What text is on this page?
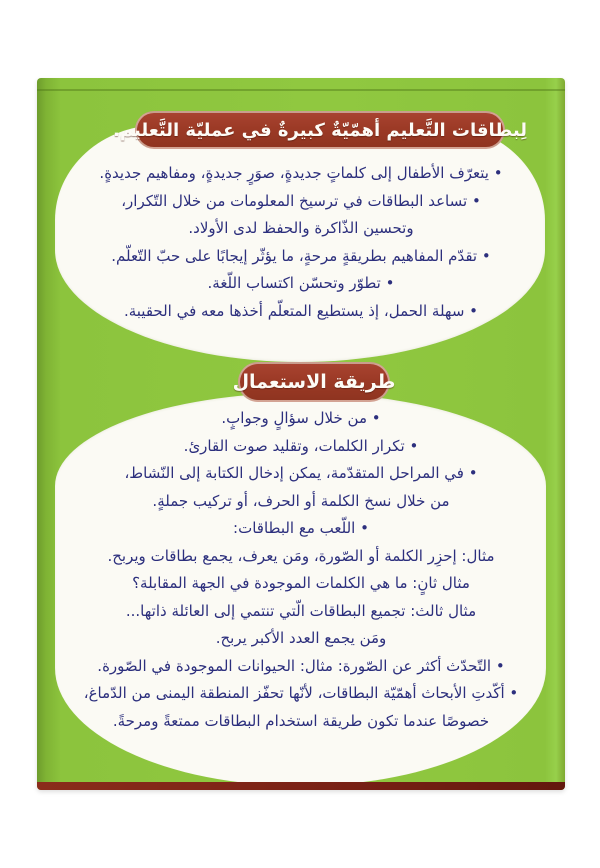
لِبطاقات التَّعليم أهمّيّةٌ كبيرةٌ في عمليّة التَّعليم.
• يتعرّف الأطفال إلى كلماتٍ جديدةٍ، صوَرٍ جديدةٍ، ومفاهيم جديدةٍ.
• تساعد البطاقات في ترسيخ المعلومات من خلال التّكرار،
وتحسين الذّاكرة والحفظ لدى الأولاد.
• تقدّم المفاهيم بطريقةٍ مرحةٍ، ما يؤثّر إيجابًا على حبّ التّعلّم.
• تطوّر وتحسّن اكتساب اللّغة.
• سهلة الحمل، إذ يستطيع المتعلّم أخذها معه في الحقيبة.
طريقة الاستعمال
• من خلال سؤالٍ وجوابٍ.
• تكرار الكلمات، وتقليد صوت القارئ.
• في المراحل المتقدّمة، يمكن إدخال الكتابة إلى النّشاط،
من خلال نسخ الكلمة أو الحرف، أو تركيب جملةٍ.
• اللّعب مع البطاقات:
مثال: إحزِر الكلمة أو الصّورة، ومَن يعرف، يجمع بطاقات ويربح.
مثال ثانٍ: ما هي الكلمات الموجودة في الجهة المقابلة؟
مثال ثالث: تجميع البطاقات الّتي تنتمي إلى العائلة ذاتها...
ومَن يجمع العدد الأكبر يربح.
• التّحدّث أكثر عن الصّورة: مثال: الحيوانات الموجودة في الصّورة.
• أكّدتِ الأبحاث أهمّيّة البطاقات، لأنّها تحفّز المنطقة اليمنى من الدّماغ،
خصوصًا عندما تكون طريقة استخدام البطاقات ممتعةً ومرحةً.
